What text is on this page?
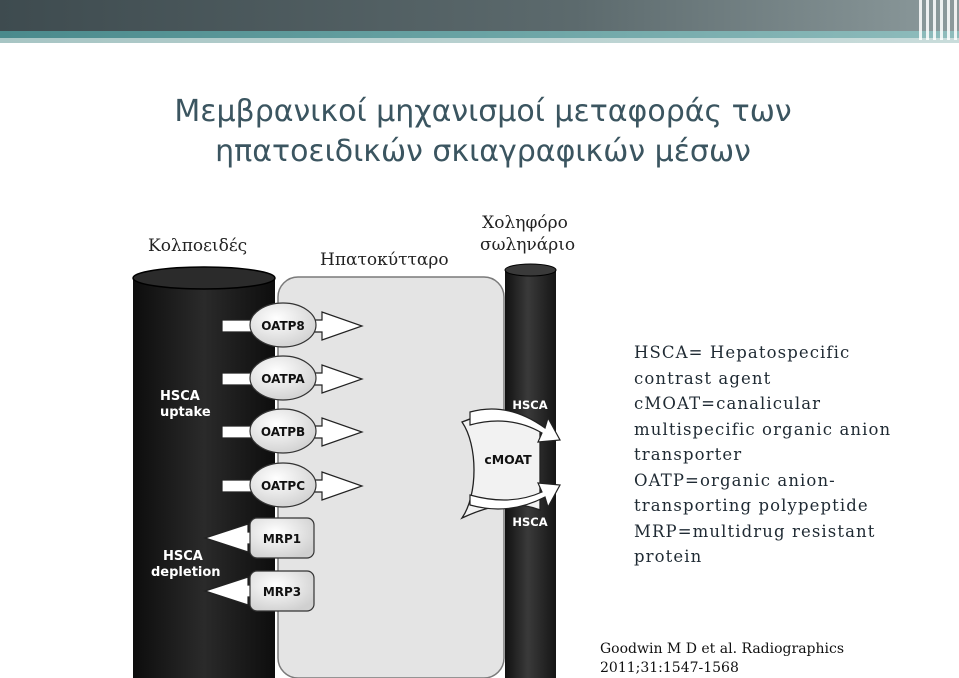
Μεμβρανικοί μηχανισμοί μεταφοράς των
ηπατοειδικών σκιαγραφικών μέσων
Κολποειδές
Ηπατοκύτταρο
Χοληφόρο
σωληνάριο
OATP8
OATPA
OATPB
OATPC
MRP1
MRP3
HSCA
uptake
HSCA
depletion
cMOAT
HSCA
HSCA
HSCA= Hepatospecific
contrast agent
cMOAT=canalicular
multispecific organic anion
transporter
OATP=organic anion-
transporting polypeptide
MRP=multidrug resistant
protein
Goodwin M D et al. Radiographics
2011;31:1547-1568
